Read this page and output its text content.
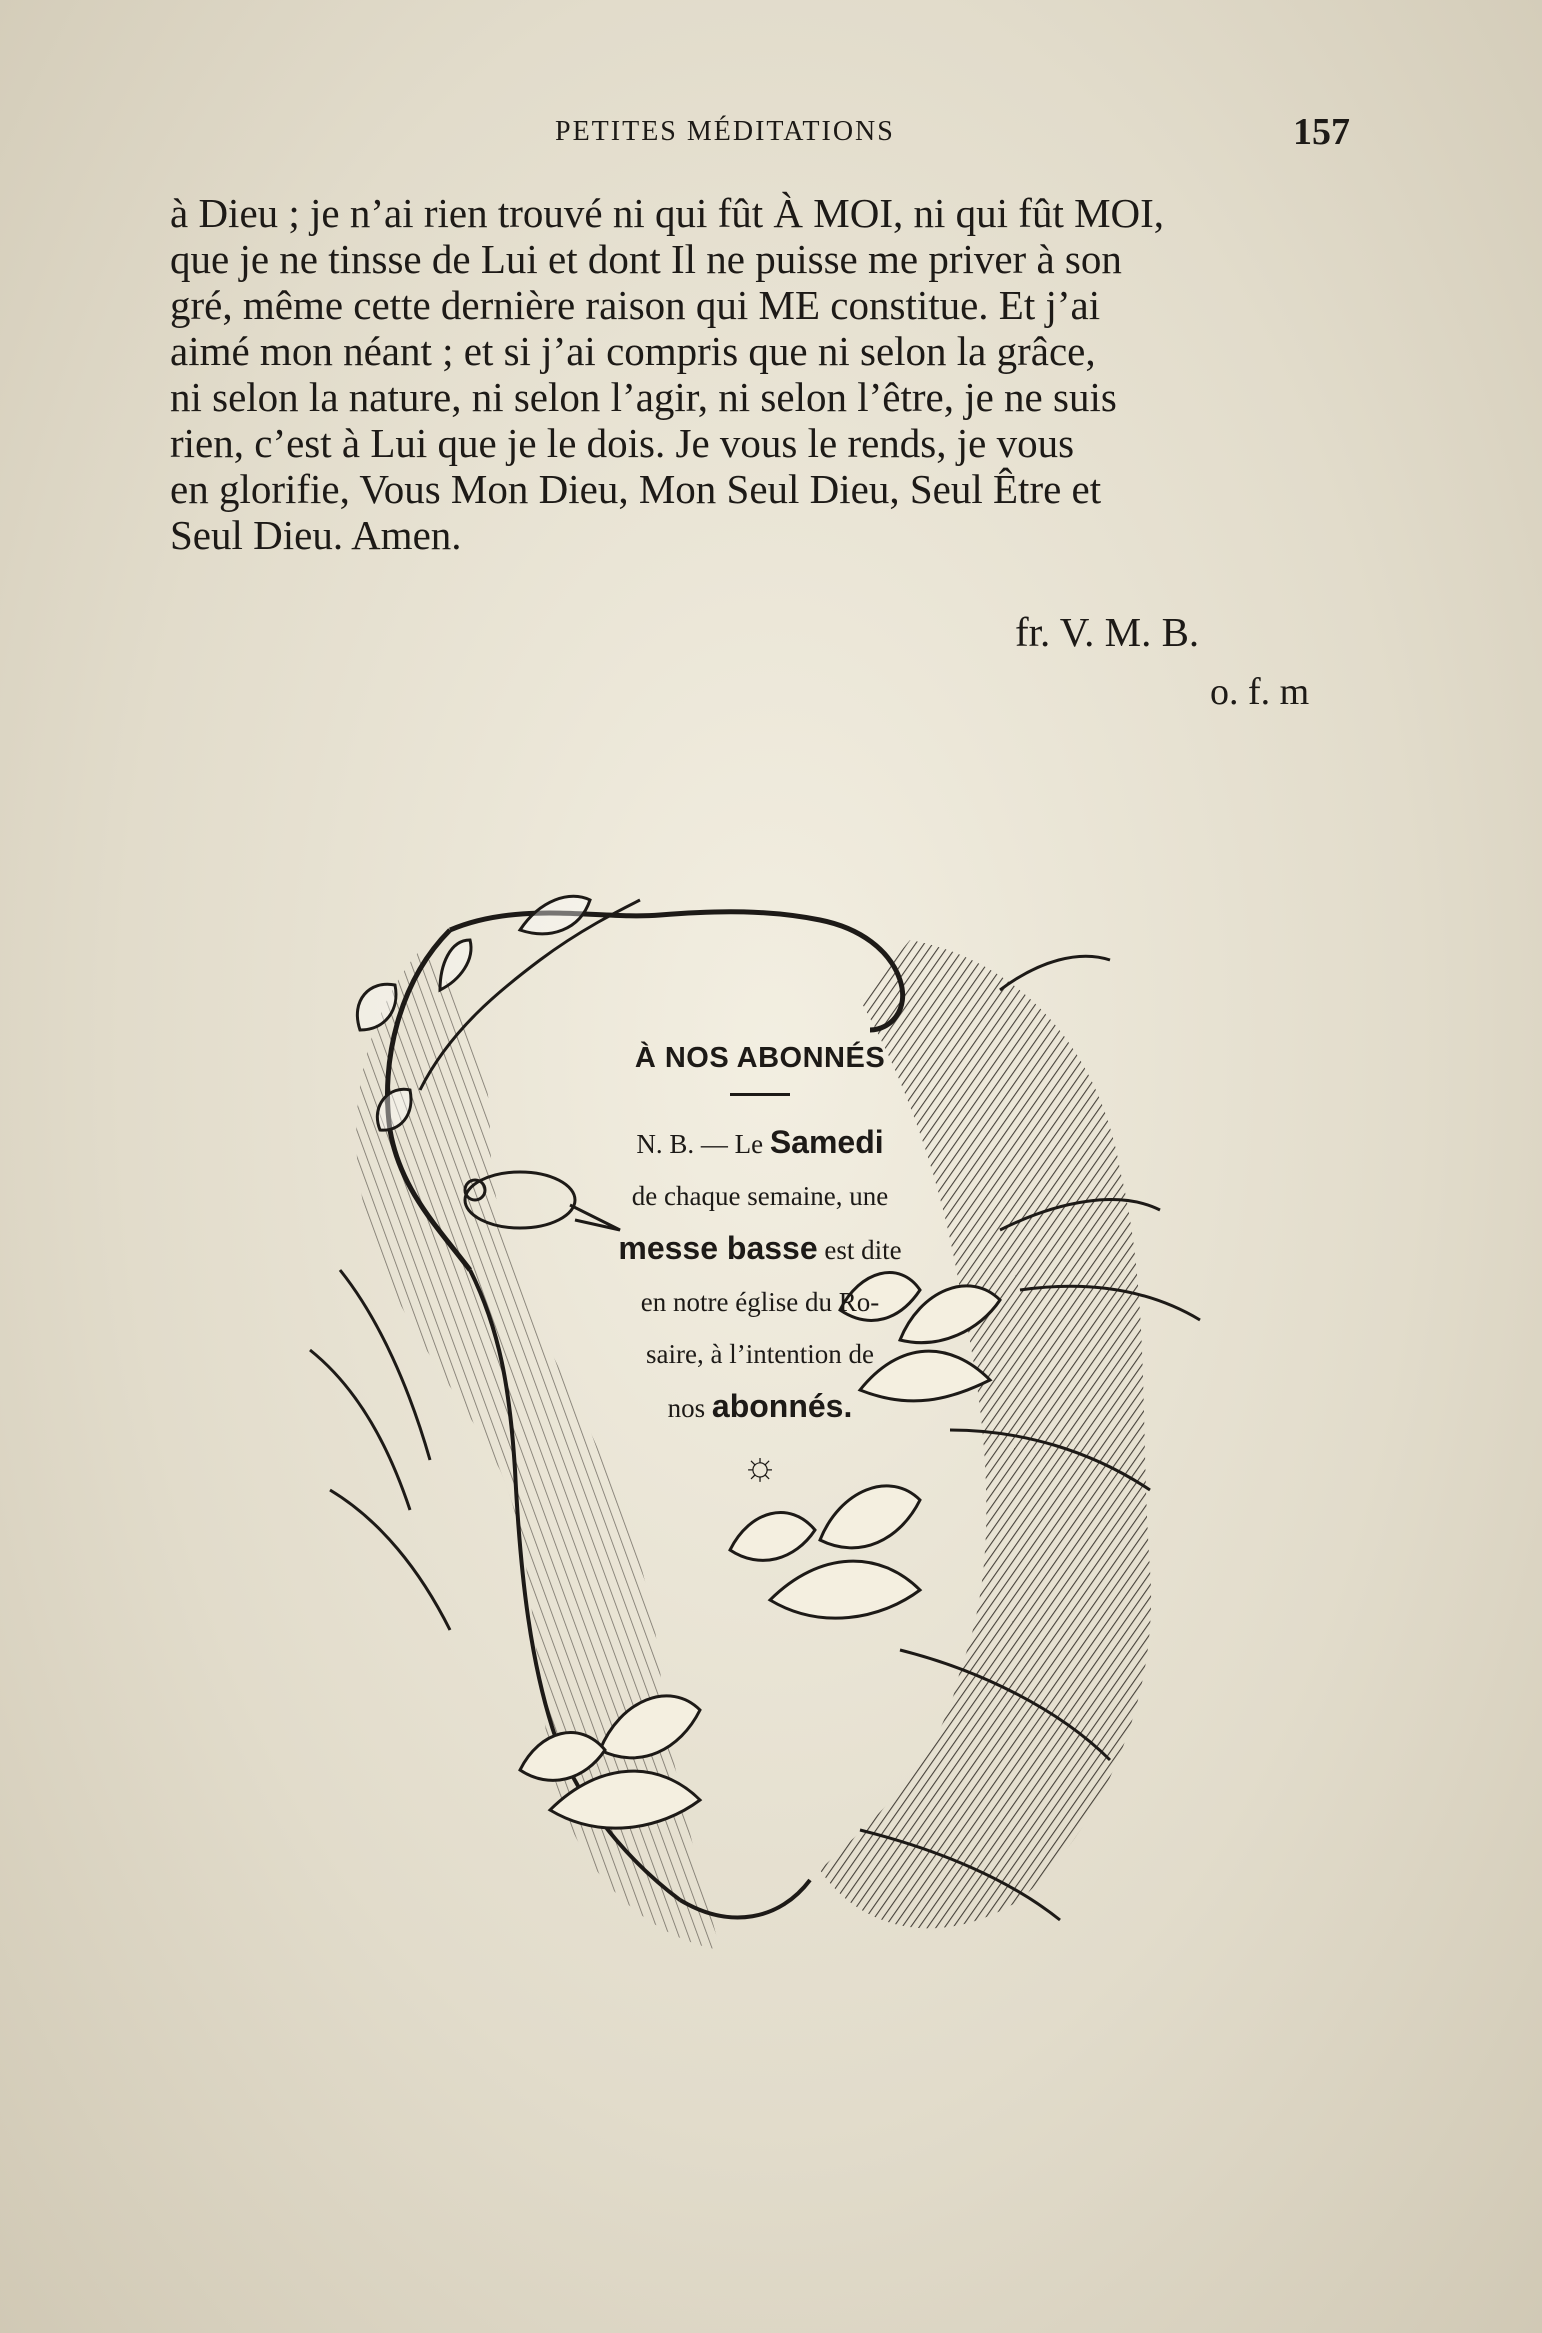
PETITES MÉDITATIONS	157

à Dieu ; je n’ai rien trouvé ni qui fût À MOI, ni qui fût MOI,

que je ne tinsse de Lui et dont Il ne puisse me priver à son

gré, même cette dernière raison qui ME constitue. Et j’ai

aimé mon néant ; et si j’ai compris que ni selon la grâce,

ni selon la nature, ni selon l’agir, ni selon l’être, je ne suis

rien, c’est à Lui que je le dois. Je vous le rends, je vous

en glorifie, Vous Mon Dieu, Mon Seul Dieu, Seul Être et

Seul Dieu. Amen.

fr. V. M. B.
o. f. m
À NOS ABONNÉS
N. B. — Le Samedi
de chaque semaine, une
messe basse est dite
en notre église du Ro-
saire, à l’intention de
nos abonnés.
☼
